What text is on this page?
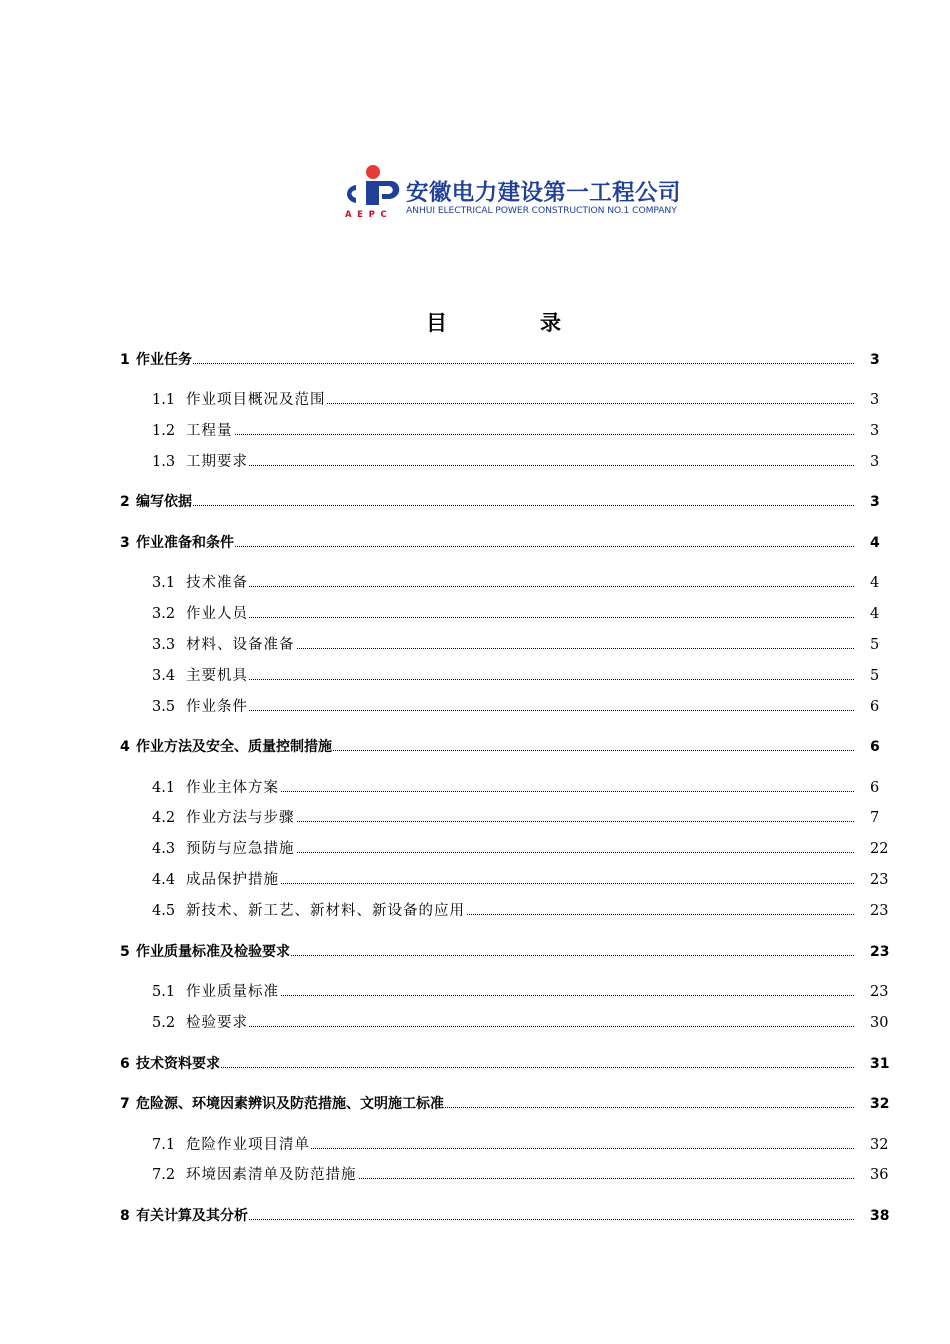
AEPC
安徽电力建设第一工程公司
ANHUI ELECTRICAL POWER CONSTRUCTION NO.1 COMPANY
目	录
1 作业任务	3
1.1 作业项目概况及范围	3
1.2 工程量	3
1.3 工期要求	3
2 编写依据	3
3 作业准备和条件	4
3.1 技术准备	4
3.2 作业人员	4
3.3 材料、设备准备	5
3.4 主要机具	5
3.5 作业条件	6
4 作业方法及安全、质量控制措施	6
4.1 作业主体方案	6
4.2 作业方法与步骤	7
4.3 预防与应急措施	22
4.4 成品保护措施	23
4.5 新技术、新工艺、新材料、新设备的应用	23
5 作业质量标准及检验要求	23
5.1 作业质量标准	23
5.2 检验要求	30
6 技术资料要求	31
7 危险源、环境因素辨识及防范措施、文明施工标准	32
7.1 危险作业项目清单	32
7.2 环境因素清单及防范措施	36
8 有关计算及其分析	38
